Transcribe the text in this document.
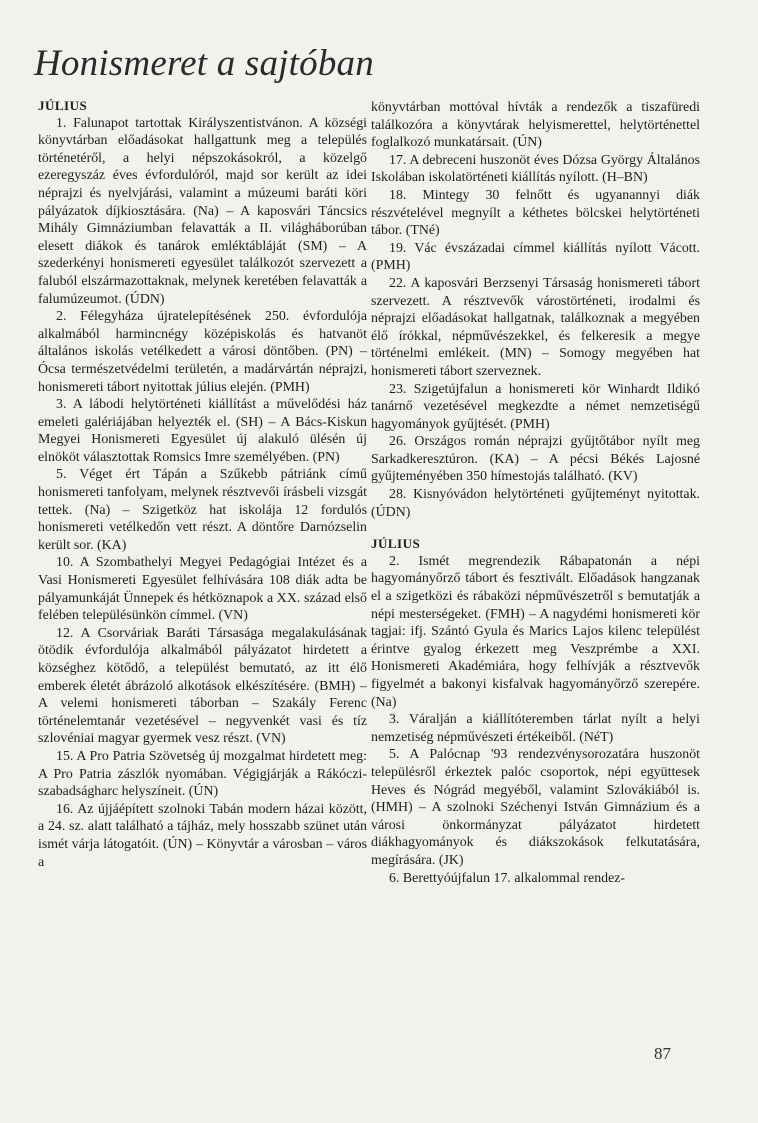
Honismeret a sajtóban
JÚLIUS

1. Falunapot tartottak Királyszentistvánon. A községi könyvtárban előadásokat hallgattunk meg a település történetéről, a helyi népszokásokról, a közelgő ezeregyszáz éves évfordulóról, majd sor került az idei néprajzi és nyelvjárási, valamint a múzeumi baráti köri pályázatok díjkiosztására. (Na) – A kaposvári Táncsics Mihály Gimnáziumban felavatták a II. világháborúban elesett diákok és tanárok emléktábláját (SM) – A szederkényi honismereti egyesület találkozót szervezett a faluból elszármazottaknak, melynek keretében felavatták a falumúzeumot. (ÚDN)

2. Félegyháza újratelepítésének 250. évfordulója alkalmából harmincnégy középiskolás és hatvanöt általános iskolás vetélkedett a városi döntőben. (PN) – Ócsa természetvédelmi területén, a madárvártán néprajzi, honismereti tábort nyitottak július elején. (PMH)

3. A lábodi helytörténeti kiállítást a művelődési ház emeleti galériájában helyezték el. (SH) – A Bács-Kiskun Megyei Honismereti Egyesület új alakuló ülésén új elnököt választottak Romsics Imre személyében. (PN)

5. Véget ért Tápán a Szűkebb pátriánk című honismereti tanfolyam, melynek résztvevői írásbeli vizsgát tettek. (Na) – Szigetköz hat iskolája 12 fordulós honismereti vetélkedőn vett részt. A döntőre Darnózselin került sor. (KA)

10. A Szombathelyi Megyei Pedagógiai Intézet és a Vasi Honismereti Egyesület felhívására 108 diák adta be pályamunkáját Ünnepek és hétköznapok a XX. század első felében településünkön címmel. (VN)

12. A Csorváriak Baráti Társasága megalakulásának ötödik évfordulója alkalmából pályázatot hirdetett a községhez kötődő, a települést bemutató, az itt élő emberek életét ábrázoló alkotások elkészítésére. (BMH) – A velemi honismereti táborban – Szakály Ferenc történelemtanár vezetésével – negyvenkét vasi és tíz szlovéniai magyar gyermek vesz részt. (VN)

15. A Pro Patria Szövetség új mozgalmat hirdetett meg: A Pro Patria zászlók nyomában. Végigjárják a Rákóczi-szabadságharc helyszíneit. (ÚN)

16. Az újjáépített szolnoki Tabán modern házai között, a 24. sz. alatt található a tájház, mely hosszabb szünet után ismét várja látogatóit. (ÚN) – Könyvtár a városban – város a

könyvtárban mottóval hívták a rendezők a tiszafüredi találkozóra a könyvtárak helyismerettel, helytörténettel foglalkozó munkatársait. (ÚN)

17. A debreceni huszonöt éves Dózsa György Általános Iskolában iskolatörténeti kiállítás nyílott. (H–BN)

18. Mintegy 30 felnőtt és ugyanannyi diák részvételével megnyílt a kéthetes bölcskei helytörténeti tábor. (TNé)

19. Vác évszázadai címmel kiállítás nyílott Vácott. (PMH)

22. A kaposvári Berzsenyi Társaság honismereti tábort szervezett. A résztvevők várostörténeti, irodalmi és néprajzi előadásokat hallgatnak, találkoznak a megyében élő írókkal, népművészekkel, és felkeresik a megye történelmi emlékeit. (MN) – Somogy megyében hat honismereti tábort szerveznek.

23. Szigetújfalun a honismereti kör Winhardt Ildikó tanárnő vezetésével megkezdte a német nemzetiségű hagyományok gyűjtését. (PMH)

26. Országos román néprajzi gyűjtőtábor nyílt meg Sarkadkeresztúron. (KA) – A pécsi Békés Lajosné gyűjteményében 350 hímestojás található. (KV)

28. Kisnyóvádon helytörténeti gyűjteményt nyitottak. (ÚDN)

JÚLIUS

2. Ismét megrendezik Rábapatonán a népi hagyományőrző tábort és fesztivált. Előadások hangzanak el a szigetközi és rábaközi népművészetről s bemutatják a népi mesterségeket. (FMH) – A nagydémi honismereti kör tagjai: ifj. Szántó Gyula és Marics Lajos kilenc települést érintve gyalog érkezett meg Veszprémbe a XXI. Honismereti Akadémiára, hogy felhívják a résztvevők figyelmét a bakonyi kisfalvak hagyományőrző szerepére. (Na)

3. Váralján a kiállítóteremben tárlat nyílt a helyi nemzetiség népművészeti értékeiből. (NéT)

5. A Palócnap '93 rendezvénysorozatára huszonöt településről érkeztek palóc csoportok, népi együttesek Heves és Nógrád megyéből, valamint Szlovákiából is. (HMH) – A szolnoki Széchenyi István Gimnázium és a városi önkormányzat pályázatot hirdetett diákhagyományok és diákszokások felkutatására, megírására. (JK)

6. Berettyóújfalun 17. alkalommal rendez-

87
